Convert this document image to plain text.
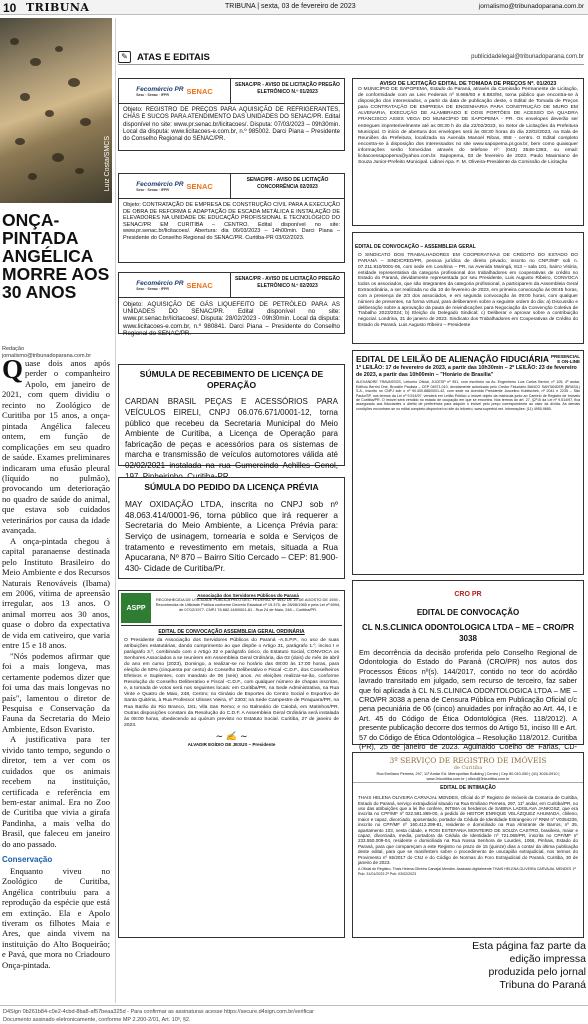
10 TRIBUNA	TRIBUNA | sexta, 03 de fevereiro de 2023	jornalismo@tribunadoparana.com.br
Luiz Costa/SMCS
ONÇA-PINTADA ANGÉLICA MORRE AOS 30 ANOS
Redação jornalismo@tribunadoparana.com.br

Quase dois anos após perder o companheiro Apolo, em janeiro de 2021, com quem dividiu o recinto no Zoológico de Curitiba por 15 anos, a onça-pintada Angélica faleceu ontem, em função de complicações em seu quadro de saúde. Exames preliminares indicaram uma efusão pleural (líquido no pulmão), provocando um deterioração no quadro de saúde do animal, que estava sob cuidados veterinários por causa da idade avançada.

A onça-pintada chegou à capital paranaense destinada pelo Instituto Brasileiro do Meio Ambiente e dos Recursos Naturais Renováveis (Ibama) em 2006, vítima de apreensão irregular, aos 13 anos. O animal morreu aos 30 anos, quase o dobro da expectativa de vida em cativeiro, que varia entre 15 e 18 anos.

"Nós podemos afirmar que foi a mais longeva, mas certamente podemos dizer que foi uma das mais longevas no país", lamentou o diretor de Pesquisa e Conservação da Fauna da Secretaria do Meio Ambiente, Edson Evaristo.

A justificativa para ter vivido tanto tempo, segundo o diretor, tem a ver com os cuidados que os animais recebem na instituição, certificada e referência em bem-estar animal. Era no Zoo de Curitiba que vivia a girafa Pandinha, a mais velha do Brasil, que faleceu em janeiro do ano passado.

Conservação

Enquanto viveu no Zoológico de Curitiba, Angélica contribuiu para a reprodução da espécie que está em extinção. Ela e Apolo tiveram os filhotes Maia e Ares, que ainda vivem na instituição do Alto Boqueirão; e Pavá, que mora no Criadouro Onça-pintada.

✎ ATAS E EDITAIS	publicidadelegal@tribunadoparana.com.br
Fecomércio PR
Sesc · Senac · IFPR	SENAC
SENAC/PR - AVISO DE LICITAÇÃO PREGÃO ELETRÔNICO N.º 01/2023
Objeto: REGISTRO DE PREÇOS PARA AQUISIÇÃO DE REFRIGERANTES, CHÁS E SUCOS PARA ATENDIMENTO DAS UNIDADES DO SENAC/PR. Edital disponível no site: www.pr.senac.br/licitacoes/. Disputa: 07/03/2023 – 09h30min. Local da disputa: www.licitacoes-e.com.br, n.º 985002. Darci Piana – Presidente do Conselho Regional do SENAC/PR.
Fecomércio PR
Sesc · Senac · IFPR	SENAC
SENAC/PR - AVISO DE LICITAÇÃO CONCORRÊNCIA 02/2023
Objeto: CONTRATAÇÃO DE EMPRESA DE CONSTRUÇÃO CIVIL PARA A EXECUÇÃO DE OBRA DE REFORMA E ADAPTAÇÃO DE ESCADA METÁLICA E INSTALAÇÃO DE ELEVADORES NA UNIDADE DE EDUCAÇÃO PROFISSIONAL E TECNOLÓGICO DO SENAC/PR EM CURITIBA – CENTRO. Edital disponível no site: www.pr.senac.br/licitacoes/. Abertura: dia 06/03/2023 – 14h00min. Darci Piana – Presidente do Conselho Regional do SENAC/PR. Curitiba-PR 03/02/2023.
Fecomércio PR
Sesc · Senac · IFPR	SENAC
SENAC/PR - AVISO DE LICITAÇÃO PREGÃO ELETRÔNICO N.º 02/2023
Objeto: AQUISIÇÃO DE GÁS LIQUEFEITO DE PETRÓLEO PARA AS UNIDADES DO SENAC/PR. Edital disponível no site: www.pr.senac.br/licitacoes/. Disputa: 28/02/2023 - 09h30min. Local da disputa: www.licitacoes-e.com.br, n.º 980841. Darci Piana – Presidente do Conselho Regional do SENAC/PR.
AVISO DE LICITAÇÃO EDITAL DE TOMADA DE PREÇOS Nº. 01/2023

O MUNICÍPIO DE SAPOPEMA, Estado do Paraná, através da Comissão Permanente de Licitação, de conformidade com as Leis Federais nº 8.666/93 e 8.883/94, torna público que encontra-se à disposição dos interessados, a partir da data de publicação deste, o Edital de Tomada de Preços para CONTRATAÇÃO DE EMPRESA DE ENGENHARIA PARA CONSTRUÇÃO DE MURO EM ALVENARIA, EXECUÇÃO DE ALAMBRADO E DOIS PORTÕES DE ACESSO DA QUADRA FRANCISCO ASSIS VEGA DO MUNICÍPIO DE SAPOPEMA - PR. Os envelopes deverão ser entregues impreterivelmente até as 08:30 h do dia 22/02/2023, no Setor de Licitações da Prefeitura Municipal. O início de abertura dos envelopes será às 08:30 horas do dia 22/02/2023, na Sala de Reuniões da Prefeitura, localizada na Avenida Manoel Ribas, 858 - centro. O Edital completo encontra-se à disposição dos interessados no site www.sapopema.pr.gov.br, bem como quaisquer informações serão fornecidas através do telefone nº: (043) 3548-1383, ou email: licitacoessapopema@yahoo.com.br. Sapopema, 03 de fevereiro de 2023. Paulo Maximiano de Souza Junior-Prefeito Municipal. Lidinei Apa. F. M. Oliveira-Presidente da Comissão de Licitação

EDITAL DE CONVOCAÇÃO – ASSEMBLEIA GERAL

O SINDICATO DOS TRABALHADORES EM COOPERATIVAS DE CRÉDITO DO ESTADO DO PARANÁ – SINDICRED/PR, pessoa jurídica de direito privado, inscrito no CNPJ/MF sob n. 07.211.810/0001-06, com sede em Londrina – PR, na Avenida Maringá, 813 – sala 101, bairro Vitória, entidade representativa da categoria profissional dos trabalhadores em cooperativas de crédito no Estado do Paraná, devidamente representada por seu Presidente, Luis Augusto Ribeiro, CONVOCA todos os associados, que são integrantes da categoria profissional, a participarem da Assembleia Geral Extraordinária, a ser realizada no dia 10 de fevereiro de 2023, em primeira convocação às 08:45 horas, com a presença de 2/3 dos associados, e em segunda convocação às 09:00 horas, com qualquer número de presentes, na forma virtual, para deliberarem sobre a seguinte ordem do dia: a) Discussão e deliberação sobre a aprovação da pauta de reivindicações para Negociação da Convenção Coletiva de Trabalho 2023/2024; b) Eleição do Delegado Sindical; c) Deliberar e aprovar sobre a contribuição negocial. Londrina, 31 de janeiro de 2023. Sindicato dos Trabalhadores em Cooperativas de Crédito do Estado do Paraná. Luis Augusto Ribeiro – Presidente

SÚMULA DE RECEBIMENTO DE LICENÇA DE OPERAÇÃO
CARDAN BRASIL PEÇAS E ACESSÓRIOS PARA VEÍCULOS EIRELI, CNPJ 06.076.671/0001-12, torna público que recebeu da Secretaria Municipal do Meio Ambiente de Curitiba, a Licença de Operação para fabricação de peças e acessórios para os sistemas de marcha e transmissão de veículos automotores válida até 02/02/2021 instalada na rua Gumercindo Achilles Genol,
SÚMULA DO PEDIDO DA LICENÇA PRÉVIA
MAY OXIDAÇÃO LTDA, inscrita no CNPJ sob nº 48.063.414/0001-96, torna público que irá requerer a Secretaria do Meio Ambiente, a Licença Prévia para: Serviço de usinagem, tornearia e solda e Serviços de tratamento e revestimento em metais, situada a Rua Apucarana, Nº 870 – Bairro Sítio Cercado – CEP: 81.900-430- Cidade de Curitiba/Pr.
ASPP
Associação dos Servidores Públicos do Paraná
RECONHECIDA DE UTILIDADE PÚBLICA PELO DEC. FEDERAL Nº 4642 DE 19 DE AGOSTO DE 1939 - Reconhecida de Utilidade Pública conforme Decreto Estadual nº 19.375, de 28/08/1965 e pela Lei nº 6994, de 07/12/1977. CNPJ 76.682.148/0001-81 - Rua 24 de Maio, 248 – Curitiba/PR.
EDITAL DE CONVOCAÇÃO ASSEMBLEIA GERAL ORDINÁRIA

O Presidente da Associação dos Servidores Públicos do Paraná -A.S.P.P., no uso de suas atribuições estatutárias, dando cumprimento ao que dispõe o Artigo 31, parágrafo 1.º, inciso I e parágrafo 3.º, combinado com o Artigo 32 e parágrafo único, do Estatuto Social, CONVOCA os Senhores Associados a se reunirem em Assembleia Geral Ordinária, dia 02 (dois) do mês de abril do ano em curso (2023), Domingo, a realizar-se no horário das 08:00 às 17:00 horas, para eleição de 50% (cinquenta por cento) do Conselho Deliberativo e Fiscal -C.D.F., dos Conselheiros Efetivos e Suplentes, com mandato de 06 (seis) anos. As eleições realizar-se-ão, conforme Resolução do Conselho Deliberativo e Fiscal -C.D.F., com qualquer número de chapas inscritas, e, a tomada de votos será nos seguintes locais: em Curitiba/PR, na Sede Administrativa, na Rua Vinte e Quatro de Maio, 248, Centro; no Ginásio de Esportes do Centro Social e Esportivo de Santa Quitéria, à Rua Professor Ulisses Vieira, nº 2303; na Sede Campestre de Piraquara/PR, na Rua Barão do Rio Branco, 181, Vila San Remo; e no Balneário de Caiobá, em Matinhos/PR. Outras disposições constam da Resolução do C.D.F. A Assembleia Geral Ordinária será instalada às 08:00 horas, obedecendo ao quórum previsto no Estatuto Social. Curitiba, 27 de janeiro de 2023.

~ ✍ ~
ALVADIR EGÍDIO DE JESUS – Presidente
EDITAL DE LEILÃO DE ALIENAÇÃO FIDUCIÁRIA PRESENCIAL E ON-LINE
1º LEILÃO: 17 de fevereiro de 2023, a partir das 10h30min – 2º LEILÃO: 23 de fevereiro de 2023, a partir das 10h00min – "Horário de Brasília"
ALEXANDRE TRAVASSOS, Leiloeiro Oficial, JUCESP nº 951, com escritório na Av. Engenheiro Luís Carlos Berrini, nº 105, 4º andar, Edifício Berrini One, Brooklin Paulista – CEP 04571-010, devidamente autorizado pelo Credor Fiduciário BANCO SANTANDER (BRASIL) S.A., inscrito no CNPJ sob o nº 90.400.888/0001-42, com sede na Avenida Presidente Juscelino Kubitschek, nº 2041 e 2235 – São Paulo/SP, nos termos da Lei nº 9.514/97, venderá em Leilão Público o imóvel objeto da matrícula junto ao Cartório de Registro de Imóveis de Curitiba/PR. O imóvel será vendido no estado de ocupação em que se encontra. Nos termos do art. 27, §2º-B da Lei nº 9.514/97, fica assegurado aos fiduciantes o direito de preferência para adquirir o imóvel pelo preço correspondente ao valor da dívida. As demais condições encontram-se no edital completo disponível no site do leiloeiro, www.superbid.net. Informações: (11) 4950-9660.
CRO PR
EDITAL DE CONVOCAÇÃO
CL N.S.CLINICA ODONTOLOGICA LTDA – ME – CRO/PR 3038
Em decorrência da decisão proferida pelo Conselho Regional de Odontologia do Estado do Paraná (CRO/PR) nos autos dos Processos Éticos nº(s). 144/2017, contido no teor do acórdão lavrado transitado em julgado, sem recurso de terceiro, faz saber que foi aplicada à CL N.S.CLINICA ODONTOLOGICA LTDA – ME – CRO/PR 3038 a pena de Censura Pública em Publicação Oficial c/c pena pecuniária de 06 (cinco) anuidades por infração ao Art. 44, I e Art. 45 do Código de Ética Odontológica (Res. 118/2012). A presente publicação decorre dos termos do Artigo 51, inciso III e Art. 57 do Código de Ética Odontológica – Resolução 118/2012. Curitiba (PR), 25 de janeiro de 2023. Aguinaldo Coelho de Farias, CD-
3º SERVIÇO DE REGISTRO DE IMÓVEIS
de Curitiba
Rua Emiliano Perneta, 297, 11º Andar Ed. Metropolitan Building | Centro | Cep 80.010-050 | (41) 3026-0910 | www.3ricuritiba.com.br | oficio@3ricuritiba.com.br
EDITAL DE INTIMAÇÃO
THAIS HELENA OLIVEIRA CARVAJAL MENDES, Oficial do 3º Registro de Imóveis da Comarca de Curitiba, Estado do Paraná, serviço extrajudicial situado na Rua Emiliano Perneta, 297, 11º andar, em Curitiba/PR, no uso das atribuições que a lei lhe confere, INTIMA os herdeiros de SABINA LADISLAVA JANKOSZ, que era inscrita no CPF/MF nº 022.581.869-00, a pedido de HEITOR ENRIQUE VELÁZQUEZ AHUMADA, chileno, maior e capaz, divorciado, aposentado, portador da Cédula de Identidade Estrangeiro nº RNM nº V0354236, inscrito no CPF/MF nº 160.412.299-81, residente e domiciliado na Rua Almirante de Barros, nº 35, apartamento 103, nesta cidade, e ROSI ESTEFANIA MONTEIRO DE SOUZA CASTRO, brasileira, maior e capaz, divorciada, media, portadora da Cédula de Identidade nº 721.069/PR, inscrita no CPF/MF nº 233.550.009-04, residente e domiciliada na Rua Nossa Senhora de Lourdes, 1066, Pinhais, Estado do Paraná, para que compareçam a este Registro no prazo de 15 (quinze) dias a contar da última publicação deste edital, para que se manifestem sobre o procedimento de usucapião extrajudicial, nos termos do Provimento nº 65/2017 do CNJ e do Código de Normas do Foro Extrajudicial do Paraná. Curitiba, 30 de janeiro de 2023.
A Oficial de Registro, Thais Helena Oliveira Carvajal Mendes. Assinado digitalmente THAIS HELENA OLIVEIRA CARVAJAL MENDES 1ª Pub: 31/01/2023 2ª Pub: 03/02/2023
Esta página faz parte da edição impressa produzida pelo jornal Tribuna do Paraná
D4Sign 0b261b84-c0e2-4cbd-8ba8-af57beaa325d - Para confirmar as assinaturas acesse https://secure.d4sign.com.br/verificar
Documento assinado eletronicamente, conforme MP 2.200-2/01, Art. 10º, §2.
